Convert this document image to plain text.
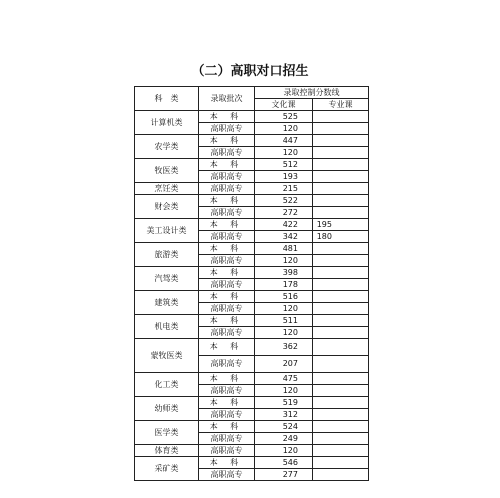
（二）高职对口招生
科　类	录取批次	录取控制分数线	
		文化课	专业课
计算机类	本 科	525	
	高职高专	120	
农学类	本 科	447	
	高职高专	120	
牧医类	本 科	512	
	高职高专	193	
烹饪类	高职高专	215	
财会类	本 科	522	
	高职高专	272	
美工设计类	本 科	422	195
	高职高专	342	180
旅游类	本 科	481	
	高职高专	120	
汽驾类	本 科	398	
	高职高专	178	
建筑类	本 科	516	
	高职高专	120	
机电类	本 科	511	
	高职高专	120	
蒙牧医类	本 科	362	
	高职高专	207	
化工类	本 科	475	
	高职高专	120	
幼师类	本 科	519	
	高职高专	312	
医学类	本 科	524	
	高职高专	249	
体育类	高职高专	120	
采矿类	本 科	546	
	高职高专	277	
